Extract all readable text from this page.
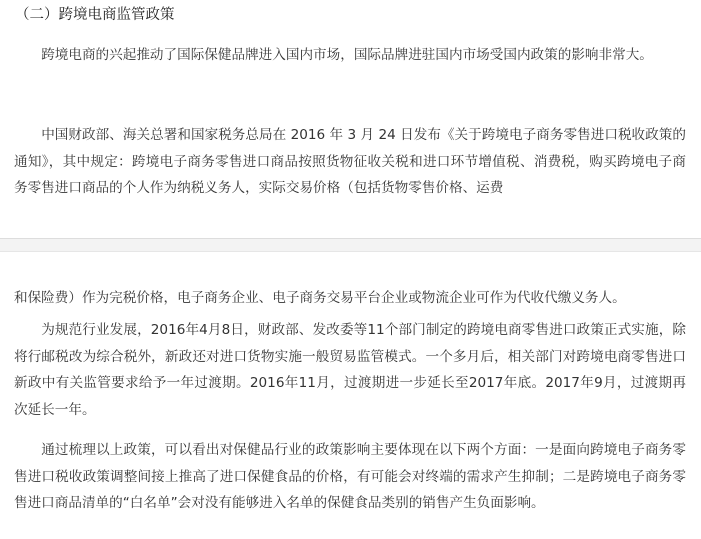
（二）跨境电商监管政策

跨境电商的兴起推动了国际保健品牌进入国内市场，国际品牌进驻国内市场受国内政策的影响非常大。

中国财政部、海关总署和国家税务总局在 2016 年 3 月 24 日发布《关于跨境电子商务零售进口税收政策的通知》，其中规定：跨境电子商务零售进口商品按照货物征收关税和进口环节增值税、消费税，购买跨境电子商务零售进口商品的个人作为纳税义务人，实际交易价格（包括货物零售价格、运费

和保险费）作为完税价格，电子商务企业、电子商务交易平台企业或物流企业可作为代收代缴义务人。

为规范行业发展，2016年4月8日，财政部、发改委等11个部门制定的跨境电商零售进口政策正式实施，除将行邮税改为综合税外，新政还对进口货物实施一般贸易监管模式。一个多月后，相关部门对跨境电商零售进口新政中有关监管要求给予一年过渡期。2016年11月，过渡期进一步延长至2017年底。2017年9月，过渡期再次延长一年。

通过梳理以上政策，可以看出对保健品行业的政策影响主要体现在以下两个方面：一是面向跨境电子商务零售进口税收政策调整间接上推高了进口保健食品的价格，有可能会对终端的需求产生抑制；二是跨境电子商务零售进口商品清单的“白名单”会对没有能够进入名单的保健食品类别的销售产生负面影响。
